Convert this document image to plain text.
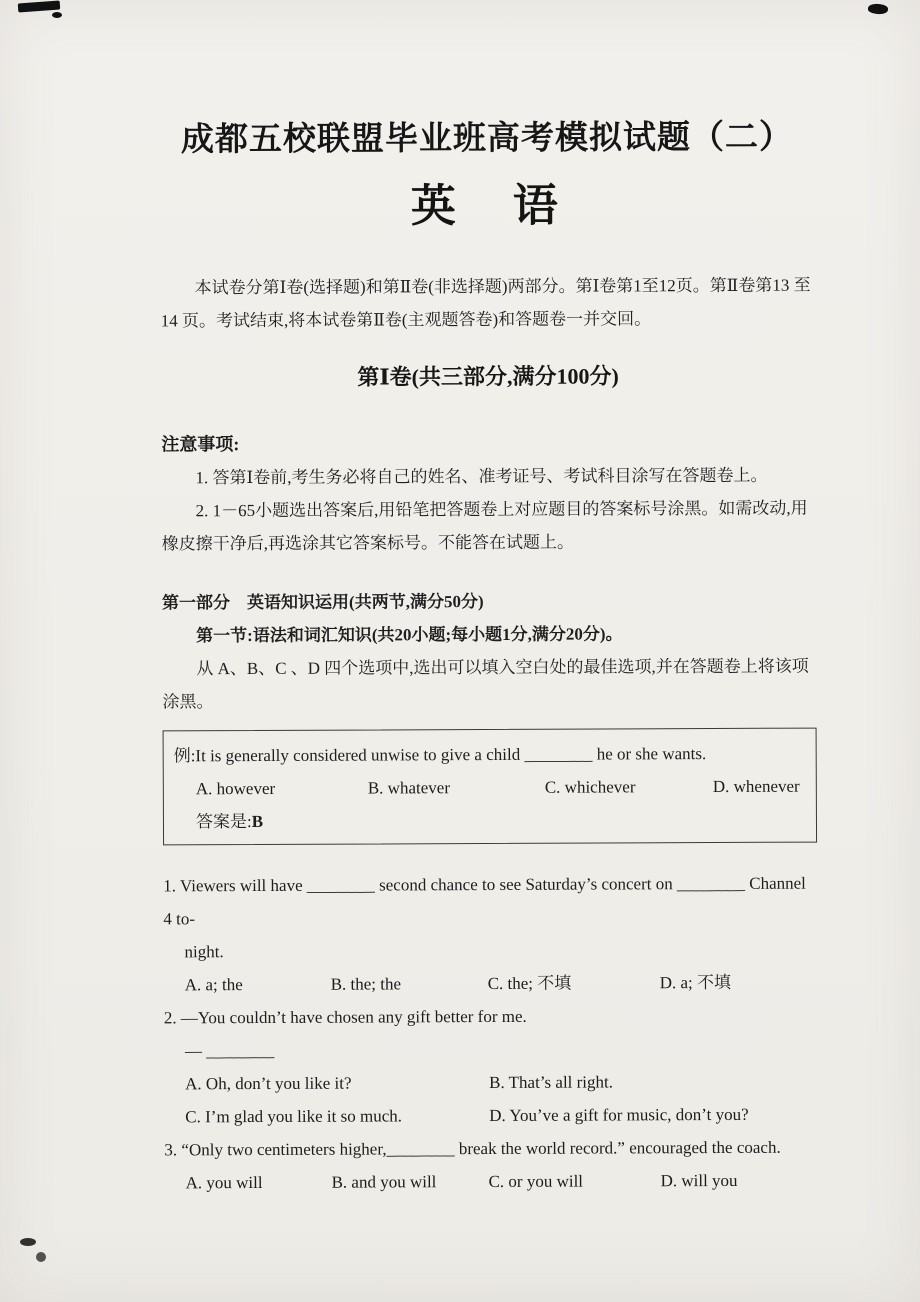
成都五校联盟毕业班高考模拟试题（二）
英　语

本试卷分第Ⅰ卷(选择题)和第Ⅱ卷(非选择题)两部分。第Ⅰ卷第1至12页。第Ⅱ卷第13 至 14 页。考试结束,将本试卷第Ⅱ卷(主观题答卷)和答题卷一并交回。

第Ⅰ卷(共三部分,满分100分)
注意事项:

1. 答第Ⅰ卷前,考生务必将自己的姓名、准考证号、考试科目涂写在答题卷上。

2. 1－65小题选出答案后,用铅笔把答题卷上对应题目的答案标号涂黑。如需改动,用橡皮擦干净后,再选涂其它答案标号。不能答在试题上。

第一部分　英语知识运用(共两节,满分50分)

第一节:语法和词汇知识(共20小题;每小题1分,满分20分)。

从 A、B、C 、D 四个选项中,选出可以填入空白处的最佳选项,并在答题卷上将该项涂黑。

例:It is generally considered unwise to give a child ________ he or she wants.

A. however	B. whatever	C. whichever	D. whenever

答案是:B

1. Viewers will have ________ second chance to see Saturday’s concert on ________ Channel 4 to-

night.

A. a; the	B. the; the	C. the; 不填	D. a; 不填

2. —You couldn’t have chosen any gift better for me.

— ________

A. Oh, don’t you like it?	B. That’s all right.
C. I’m glad you like it so much.	D. You’ve a gift for music, don’t you?

3. “Only two centimeters higher,________ break the world record.” encouraged the coach.

A. you will	B. and you will	C. or you will	D. will you
